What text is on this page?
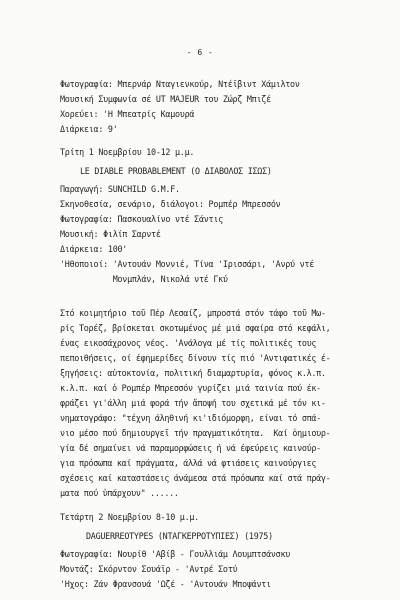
- 6 -
Φωτογραφία: Μπερνάρ Νταγιενκούρ, Ντέϊβιντ Χάμιλτον
Μουσική Συμφωνία σέ UT MAJEUR του Ζώρζ Μπιζέ
Χορεύει: 'Η Μπεατρίς Καμουρά
Διάρκεια: 9'
Τρίτη 1 Νοεμβρίου 10-12 μ.μ.
LE DIABLE PROBABLEMENT (Ο ΔΙΑΒΟΛΟΣ ΙΣΩΣ)
Παραγωγή: SUNCHILD G.M.F.
Σκηνοθεσία, σενάριο, διάλογοι: Ρομπέρ Μπρεσσόν
Φωτογραφία: Πασκουαλίνο ντέ Σάντις
Μουσική: Φιλίπ Σαρντέ
Διάρκεια: 100'
'Ηθοποιοί: 'Αντουάν Μοννιέ, Τίνα 'Ιρισσάρι, 'Ανρύ ντέ
Μονμπλάν, Νικολά ντέ Γκύ
Στό κοιμητήριο τοῦ Πέρ Λεσαίζ, μπροστά στόν τάφο τοῦ Μω-
ρίς Τορέζ, βρίσκεται σκοτωμένος μέ μιά σφαίρα στό κεφάλι,
ένας εικοσάχρονος νέος. 'Ανάλογα μέ τίς πολιτικές τους
πεποιθήσεις, οί έφημερίδες δίνουν τίς πιό 'Αντιφατικές έ-
ξηγήσεις: αὐτοκτονία, πολιτική διαμαρτυρία, φόνος κ.λ.π.
κ.λ.π. καί ὁ Ρομπέρ Μπρεσσόν γυρίζει μιά ταινία πού έκ-
φράζει γι'άλλη μιά φορά τήν ἄποψή του σχετικά μέ τόν κι-
νηματογράφο: "τέχνη άληθινή κι'ιδιόμορφη, είναι τό σπά-
νιο μέσο πού δημιουργεῖ τήν πραγματικότητα.  Καί ὁημιουρ-
γία δέ σημαίνει νά παραμορφώσεις ή νά έφεύρεις καινούρ-
για πρόσωπα καί πράγματα, άλλά νά φτιάσεις καινούργιες
σχέσεις καί καταστάσεις άνάμεσα στά πρόσωπα καί στά πράγ-
ματα πού ὑπάρχουν" ......
Τετάρτη 2 Νοεμβρίου 8-10 μ.μ.
DAGUERREOTYPES (ΝΤΑΓΚΕΡΡΟΤΥΠΙΕΣ) (1975)
Φωτογραφία: Νουρίθ 'Αβίβ - Γουλλιάμ Λουμπτσάνσκυ
Μοντάζ: Σκόρντον Σουάϊρ - 'Αντρέ Σοτύ
'Ηχος: Ζάν Φρανσουά 'Ωζέ - 'Αντουάν Μποψάντι
